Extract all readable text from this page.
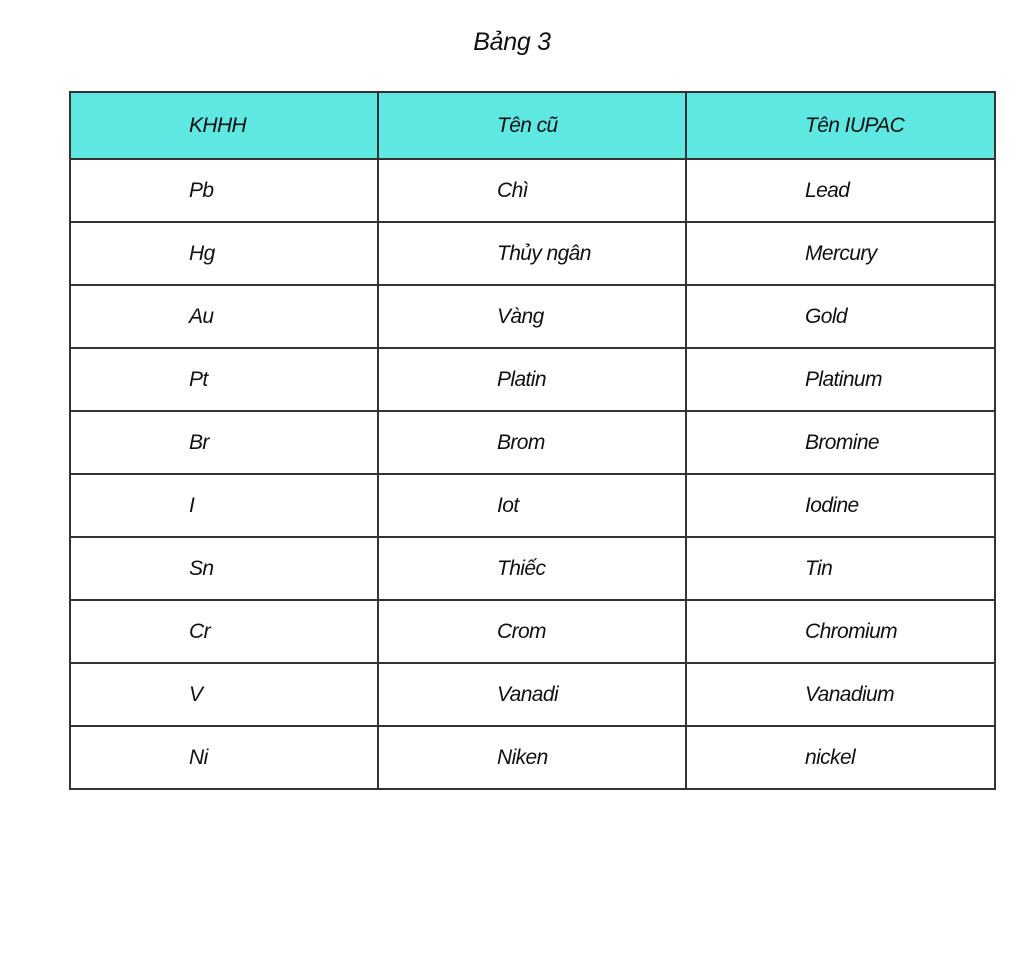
Bảng 3
KHHH	Tên cũ	Tên IUPAC
Pb	Chì	Lead
Hg	Thủy ngân	Mercury
Au	Vàng	Gold
Pt	Platin	Platinum
Br	Brom	Bromine
I	Iot	Iodine
Sn	Thiếc	Tin
Cr	Crom	Chromium
V	Vanadi	Vanadium
Ni	Niken	nickel
